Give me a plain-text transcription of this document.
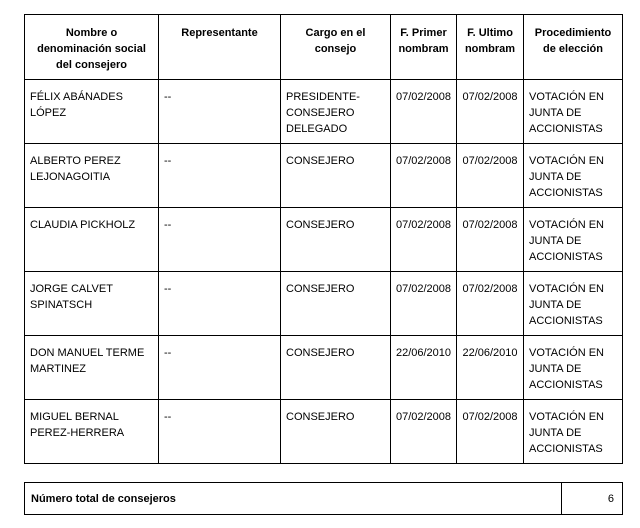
Nombre o denominación social del consejero	Representante	Cargo en el consejo	F. Primer nombram	F. Ultimo nombram	Procedimiento de elección
FÉLIX ABÁNADES LÓPEZ	--	PRESIDENTE-CONSEJERO DELEGADO	07/02/2008	07/02/2008	VOTACIÓN EN JUNTA DE ACCIONISTAS
ALBERTO PEREZ LEJONAGOITIA	--	CONSEJERO	07/02/2008	07/02/2008	VOTACIÓN EN JUNTA DE ACCIONISTAS
CLAUDIA PICKHOLZ	--	CONSEJERO	07/02/2008	07/02/2008	VOTACIÓN EN JUNTA DE ACCIONISTAS
JORGE CALVET SPINATSCH	--	CONSEJERO	07/02/2008	07/02/2008	VOTACIÓN EN JUNTA DE ACCIONISTAS
DON MANUEL TERME MARTINEZ	--	CONSEJERO	22/06/2010	22/06/2010	VOTACIÓN EN JUNTA DE ACCIONISTAS
MIGUEL BERNAL PEREZ-HERRERA	--	CONSEJERO	07/02/2008	07/02/2008	VOTACIÓN EN JUNTA DE ACCIONISTAS
Número total de consejeros	6
